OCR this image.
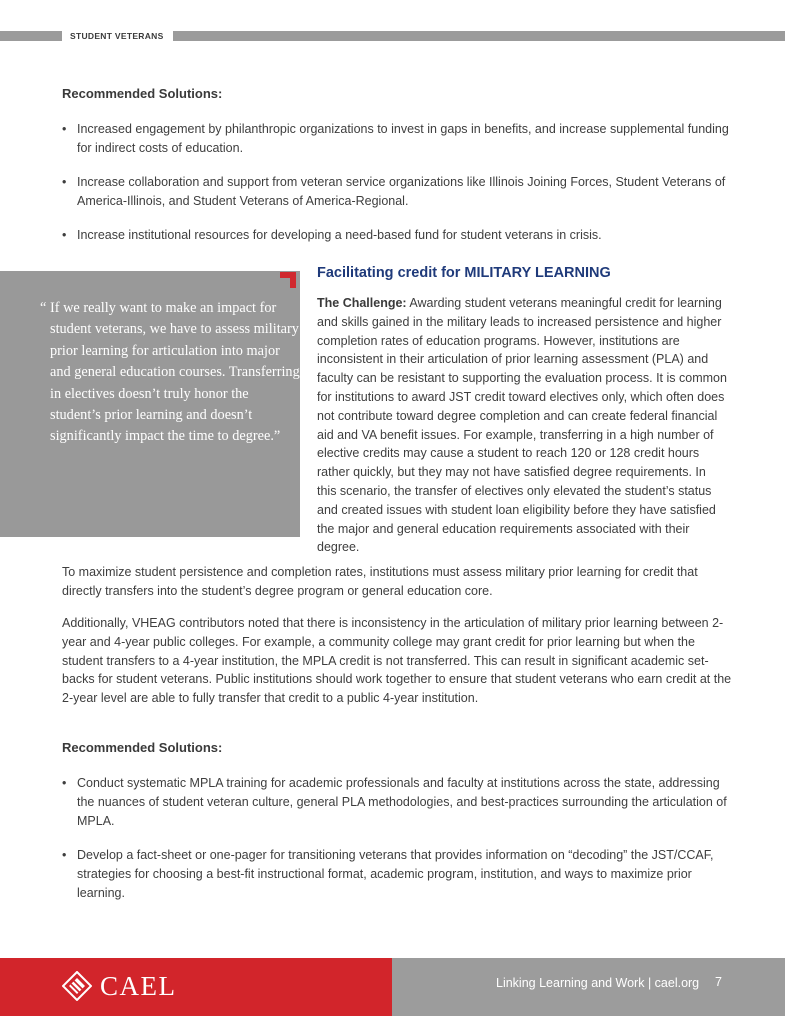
STUDENT VETERANS
Recommended Solutions:
• Increased engagement by philanthropic organizations to invest in gaps in benefits, and increase supplemental funding for indirect costs of education.
• Increase collaboration and support from veteran service organizations like Illinois Joining Forces, Student Veterans of America-Illinois, and Student Veterans of America-Regional.
• Increase institutional resources for developing a need-based fund for student veterans in crisis.
“ If we really want to make an impact for student veterans, we have to assess military prior learning for articulation into major and general education courses. Transferring in electives doesn’t truly honor the student’s prior learning and doesn’t significantly impact the time to degree.”
Facilitating credit for MILITARY LEARNING
The Challenge: Awarding student veterans meaningful credit for learning and skills gained in the military leads to increased persistence and higher completion rates of education programs. However, institutions are inconsistent in their articulation of prior learning assessment (PLA) and faculty can be resistant to supporting the evaluation process. It is common for institutions to award JST credit toward electives only, which often does not contribute toward degree completion and can create federal financial aid and VA benefit issues. For example, transferring in a high number of elective credits may cause a student to reach 120 or 128 credit hours rather quickly, but they may not have satisfied degree requirements. In this scenario, the transfer of electives only elevated the student’s status and created issues with student loan eligibility before they have satisfied the major and general education requirements associated with their degree.

To maximize student persistence and completion rates, institutions must assess military prior learning for credit that directly transfers into the student’s degree program or general education core.

Additionally, VHEAG contributors noted that there is inconsistency in the articulation of military prior learning between 2-year and 4-year public colleges. For example, a community college may grant credit for prior learning but when the student transfers to a 4-year institution, the MPLA credit is not transferred. This can result in significant academic set-backs for student veterans. Public institutions should work together to ensure that student veterans who earn credit at the 2-year level are able to fully transfer that credit to a public 4-year institution.

Recommended Solutions:
• Conduct systematic MPLA training for academic professionals and faculty at institutions across the state, addressing the nuances of student veteran culture, general PLA methodologies, and best-practices surrounding the articulation of MPLA.
• Develop a fact-sheet or one-pager for transitioning veterans that provides information on “decoding” the JST/CCAF, strategies for choosing a best-fit instructional format, academic program, institution, and ways to maximize prior learning.
CAEL	Linking Learning and Work | cael.org 7
